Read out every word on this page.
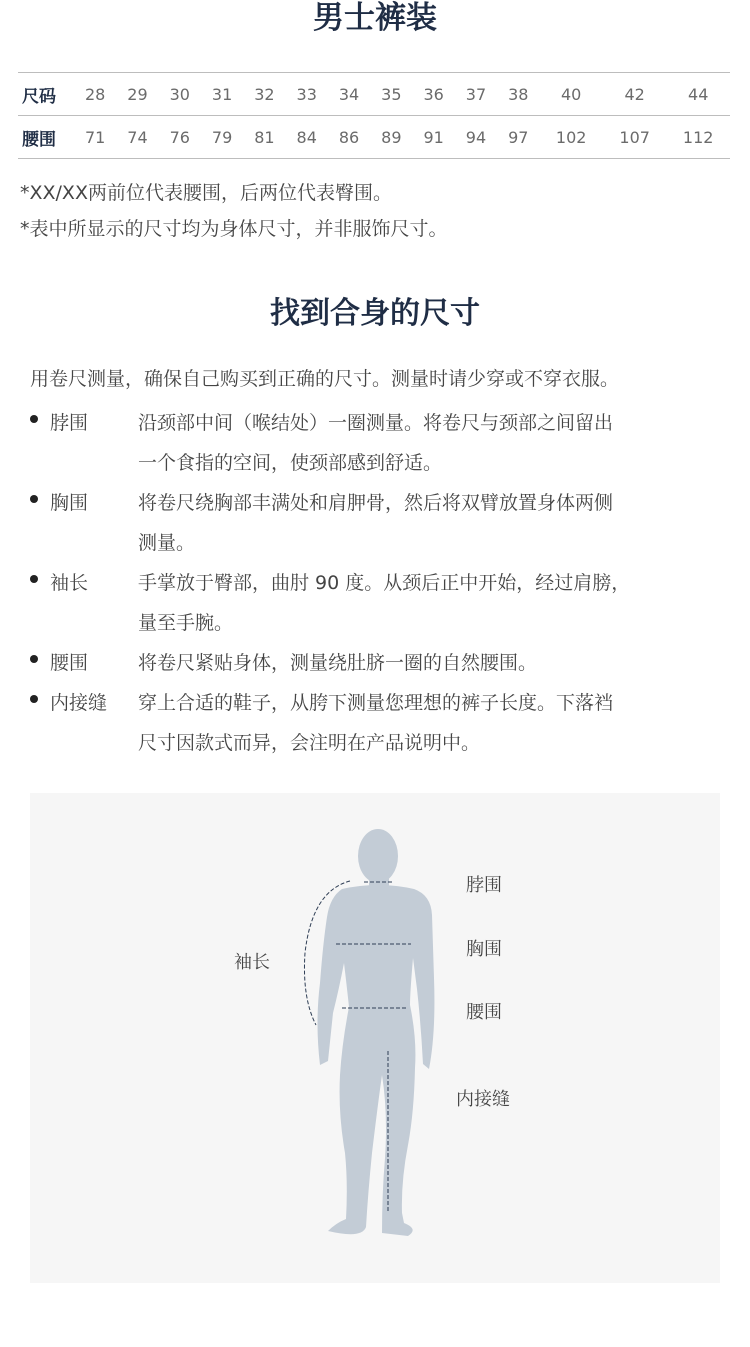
男士裤装
尺码	28	29	30	31	32	33	34	35	36	37	38	40	42	44
腰围	71	74	76	79	81	84	86	89	91	94	97	102	107	112
*XX/XX两前位代表腰围，后两位代表臀围。
*表中所显示的尺寸均为身体尺寸，并非服饰尺寸。
找到合身的尺寸
用卷尺测量，确保自己购买到正确的尺寸。测量时请少穿或不穿衣服。
脖围	沿颈部中间（喉结处）一圈测量。将卷尺与颈部之间留出
一个食指的空间，使颈部感到舒适。
胸围	将卷尺绕胸部丰满处和肩胛骨，然后将双臂放置身体两侧
测量。
袖长	手掌放于臀部，曲肘 90 度。从颈后正中开始，经过肩膀，
量至手腕。
腰围	将卷尺紧贴身体，测量绕肚脐一圈的自然腰围。
内接缝 穿上合适的鞋子，从胯下测量您理想的裤子长度。下落裆
尺寸因款式而异，会注明在产品说明中。
脖围
胸围
腰围
内接缝
袖长
